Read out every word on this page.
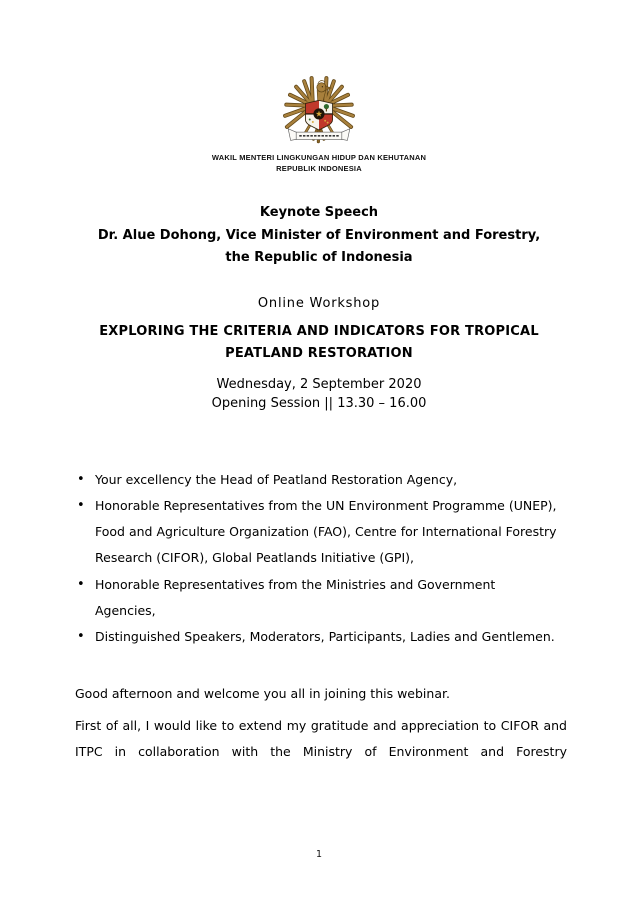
WAKIL MENTERI LINGKUNGAN HIDUP DAN KEHUTANAN
REPUBLIK INDONESIA
Keynote Speech
Dr. Alue Dohong, Vice Minister of Environment and Forestry,
the Republic of Indonesia
Online Workshop
EXPLORING THE CRITERIA AND INDICATORS FOR TROPICAL
PEATLAND RESTORATION
Wednesday, 2 September 2020
Opening Session || 13.30 – 16.00
• Your excellency the Head of Peatland Restoration Agency,
• Honorable Representatives from the UN Environment Programme (UNEP), Food and Agriculture Organization (FAO), Centre for International Forestry Research (CIFOR), Global Peatlands Initiative (GPI),
• Honorable Representatives from the Ministries and Government Agencies,
• Distinguished Speakers, Moderators, Participants, Ladies and Gentlemen.

Good afternoon and welcome you all in joining this webinar.

First of all, I would like to extend my gratitude and appreciation to CIFOR and ITPC in collaboration with the Ministry of Environment and Forestry

1
